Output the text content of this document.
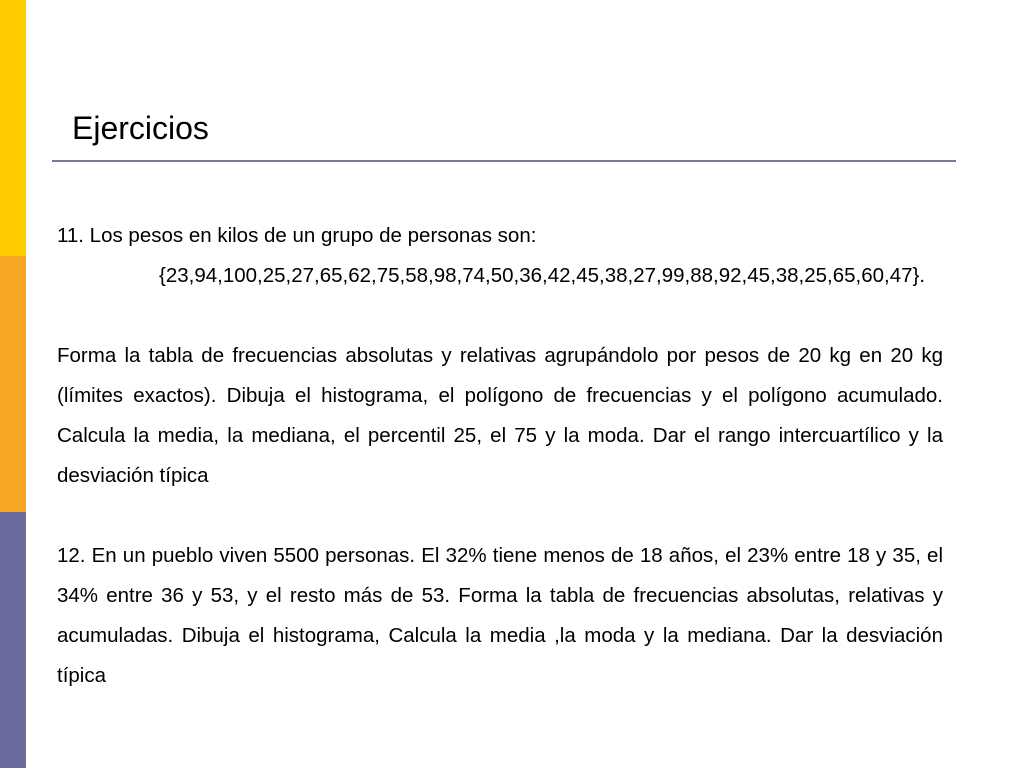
Ejercicios

11. Los pesos en kilos de un grupo de personas son:

{23,94,100,25,27,65,62,75,58,98,74,50,36,42,45,38,27,99,88,92,45,38,25,65,60,47}.

Forma la tabla de frecuencias absolutas y relativas agrupándolo por pesos de 20 kg en 20 kg (límites exactos). Dibuja el histograma, el polígono de frecuencias y el polígono acumulado. Calcula la media, la mediana, el percentil 25, el 75 y la moda. Dar el rango intercuartílico y la desviación típica

12. En un pueblo viven 5500 personas. El 32% tiene menos de 18 años, el 23% entre 18 y 35, el 34% entre 36 y 53, y el resto más de 53. Forma la tabla de frecuencias absolutas, relativas y acumuladas. Dibuja el histograma, Calcula la media ,la moda y la mediana. Dar la desviación típica
